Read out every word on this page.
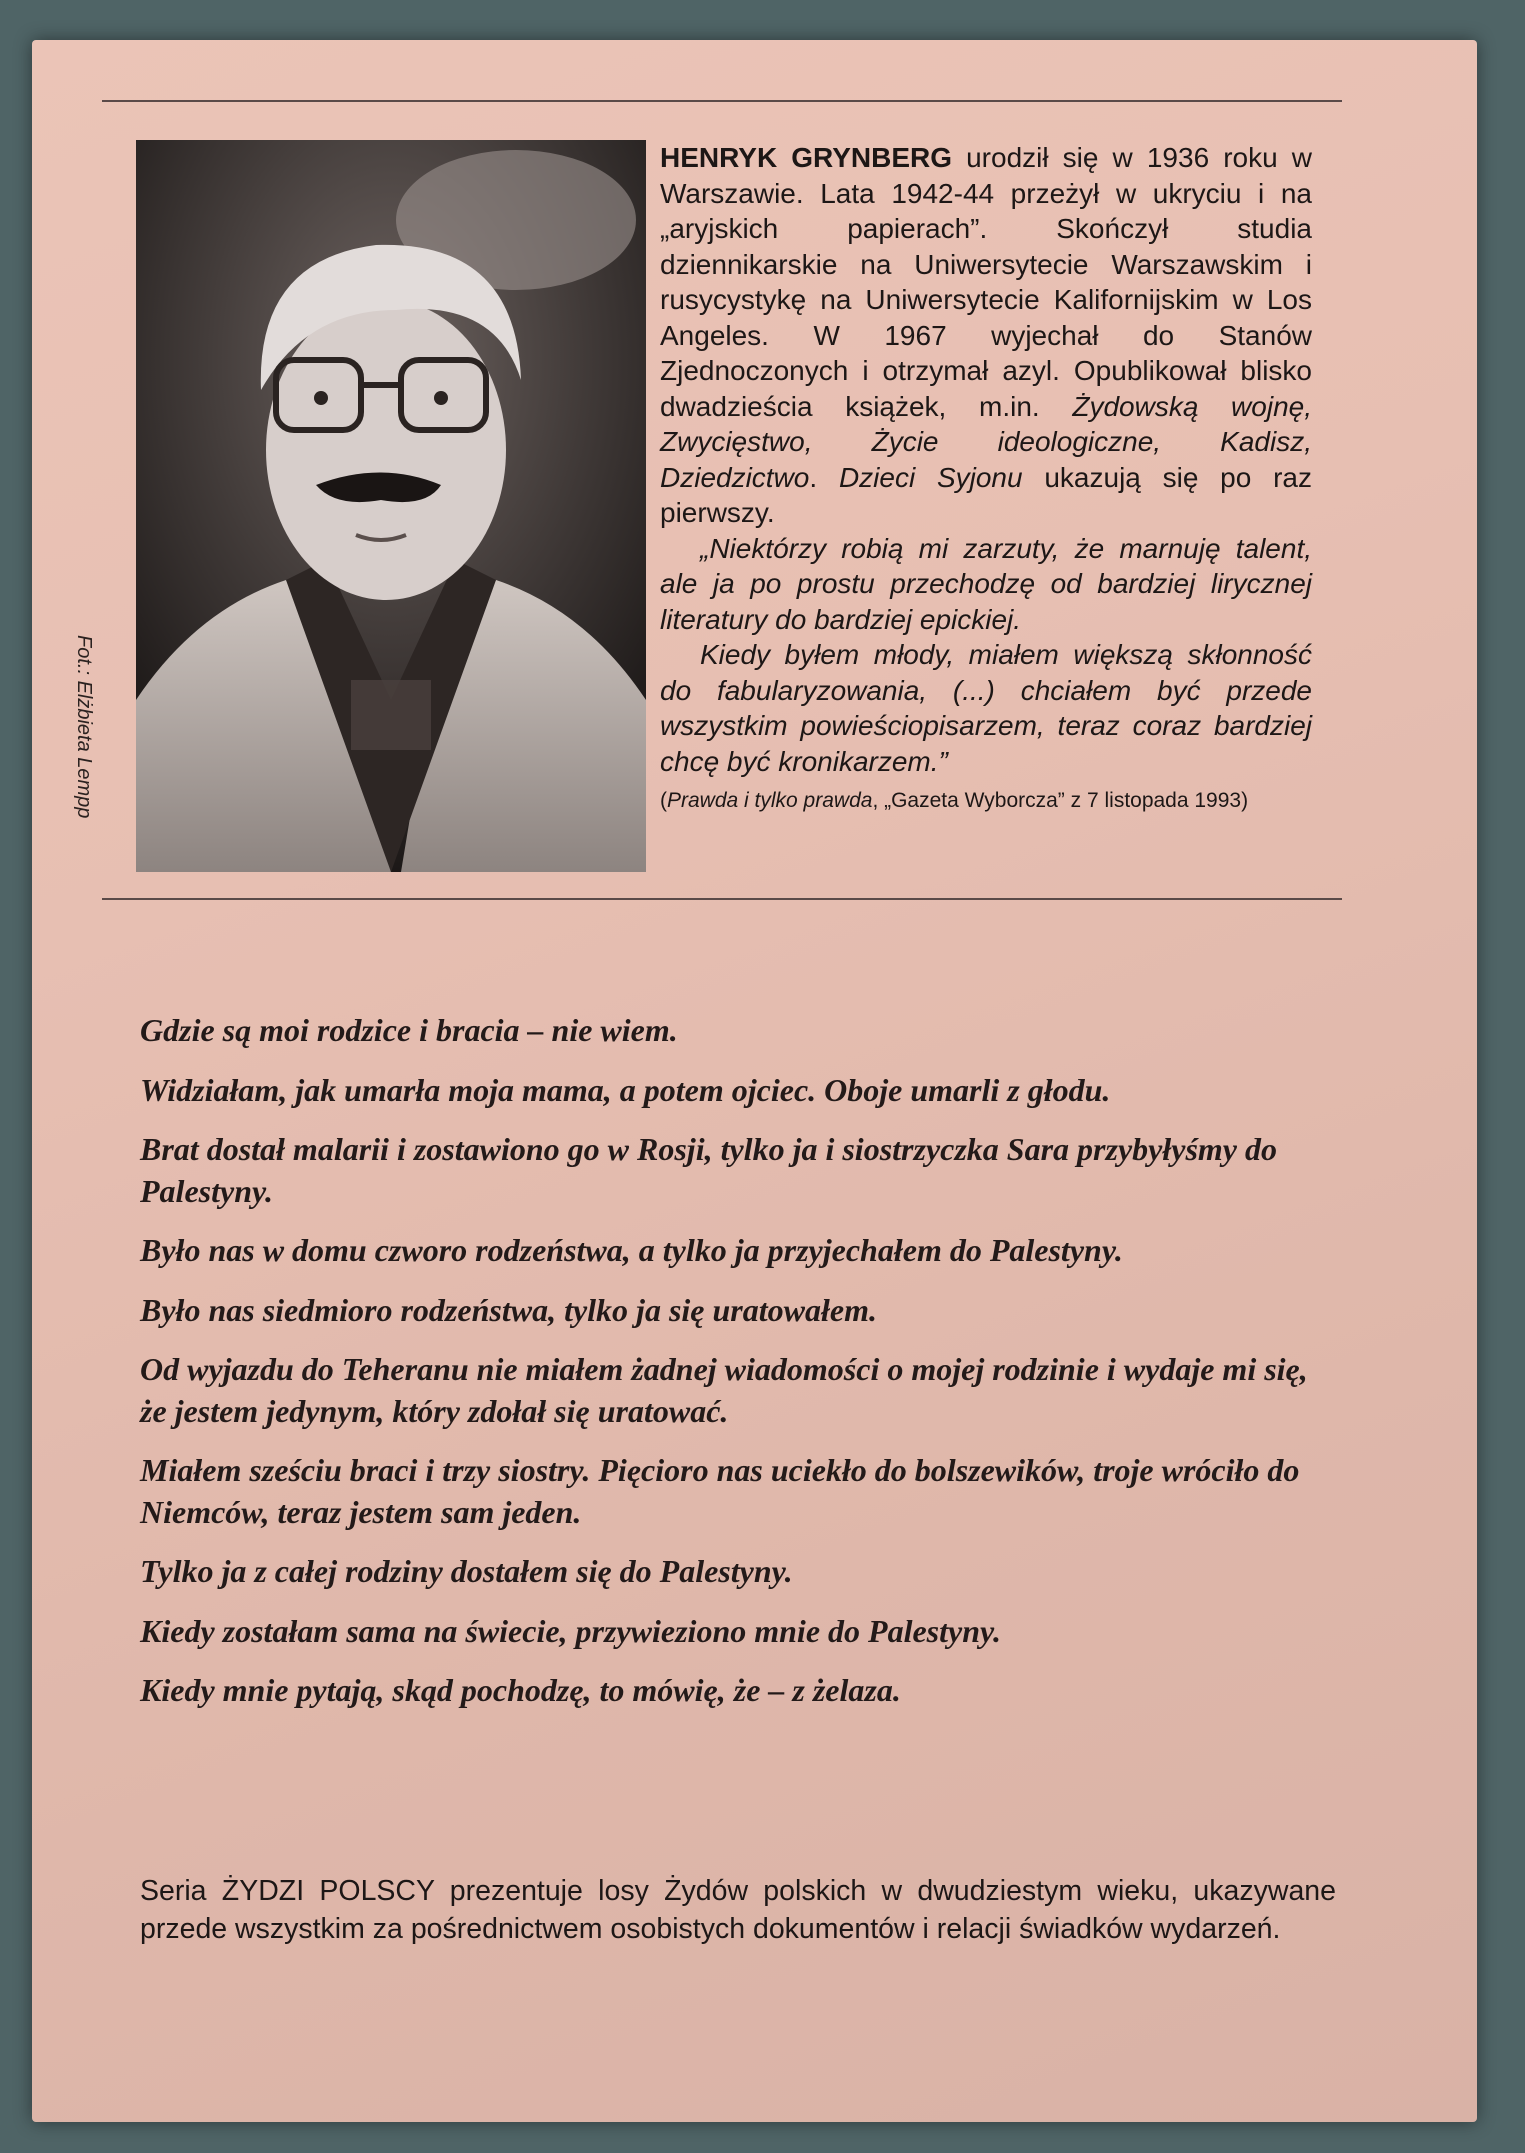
Fot.: Elżbieta Lempp

HENRYK GRYNBERG urodził się w 1936 roku w Warszawie. Lata 1942-44 przeżył w ukryciu i na „aryjskich papierach”. Skończył studia dziennikarskie na Uniwersytecie Warszawskim i rusycystykę na Uniwersytecie Kalifornijskim w Los Angeles. W 1967 wyjechał do Stanów Zjednoczonych i otrzymał azyl. Opublikował blisko dwadzieścia książek, m.in. Żydowską wojnę, Zwycięstwo, Życie ideologiczne, Kadisz, Dziedzictwo. Dzieci Syjonu ukazują się po raz pierwszy.

„Niektórzy robią mi zarzuty, że marnuję talent, ale ja po prostu przechodzę od bardziej lirycznej literatury do bardziej epickiej.

Kiedy byłem młody, miałem większą skłonność do fabularyzowania, (...) chciałem być przede wszystkim powieściopisarzem, teraz coraz bardziej chcę być kronikarzem.”

(Prawda i tylko prawda, „Gazeta Wyborcza” z 7 listopada 1993)

Gdzie są moi rodzice i bracia – nie wiem.

Widziałam, jak umarła moja mama, a potem ojciec. Oboje umarli z głodu.

Brat dostał malarii i zostawiono go w Rosji, tylko ja i siostrzyczka Sara przybyłyśmy do Palestyny.

Było nas w domu czworo rodzeństwa, a tylko ja przyjechałem do Palestyny.

Było nas siedmioro rodzeństwa, tylko ja się uratowałem.

Od wyjazdu do Teheranu nie miałem żadnej wiadomości o mojej rodzinie i wydaje mi się, że jestem jedynym, który zdołał się uratować.

Miałem sześciu braci i trzy siostry. Pięcioro nas uciekło do bolszewików, troje wróciło do Niemców, teraz jestem sam jeden.

Tylko ja z całej rodziny dostałem się do Palestyny.

Kiedy zostałam sama na świecie, przywieziono mnie do Palestyny.

Kiedy mnie pytają, skąd pochodzę, to mówię, że – z żelaza.

Seria ŻYDZI POLSCY prezentuje losy Żydów polskich w dwudziestym wieku, ukazywane przede wszystkim za pośrednictwem osobistych dokumentów i relacji świadków wydarzeń.
